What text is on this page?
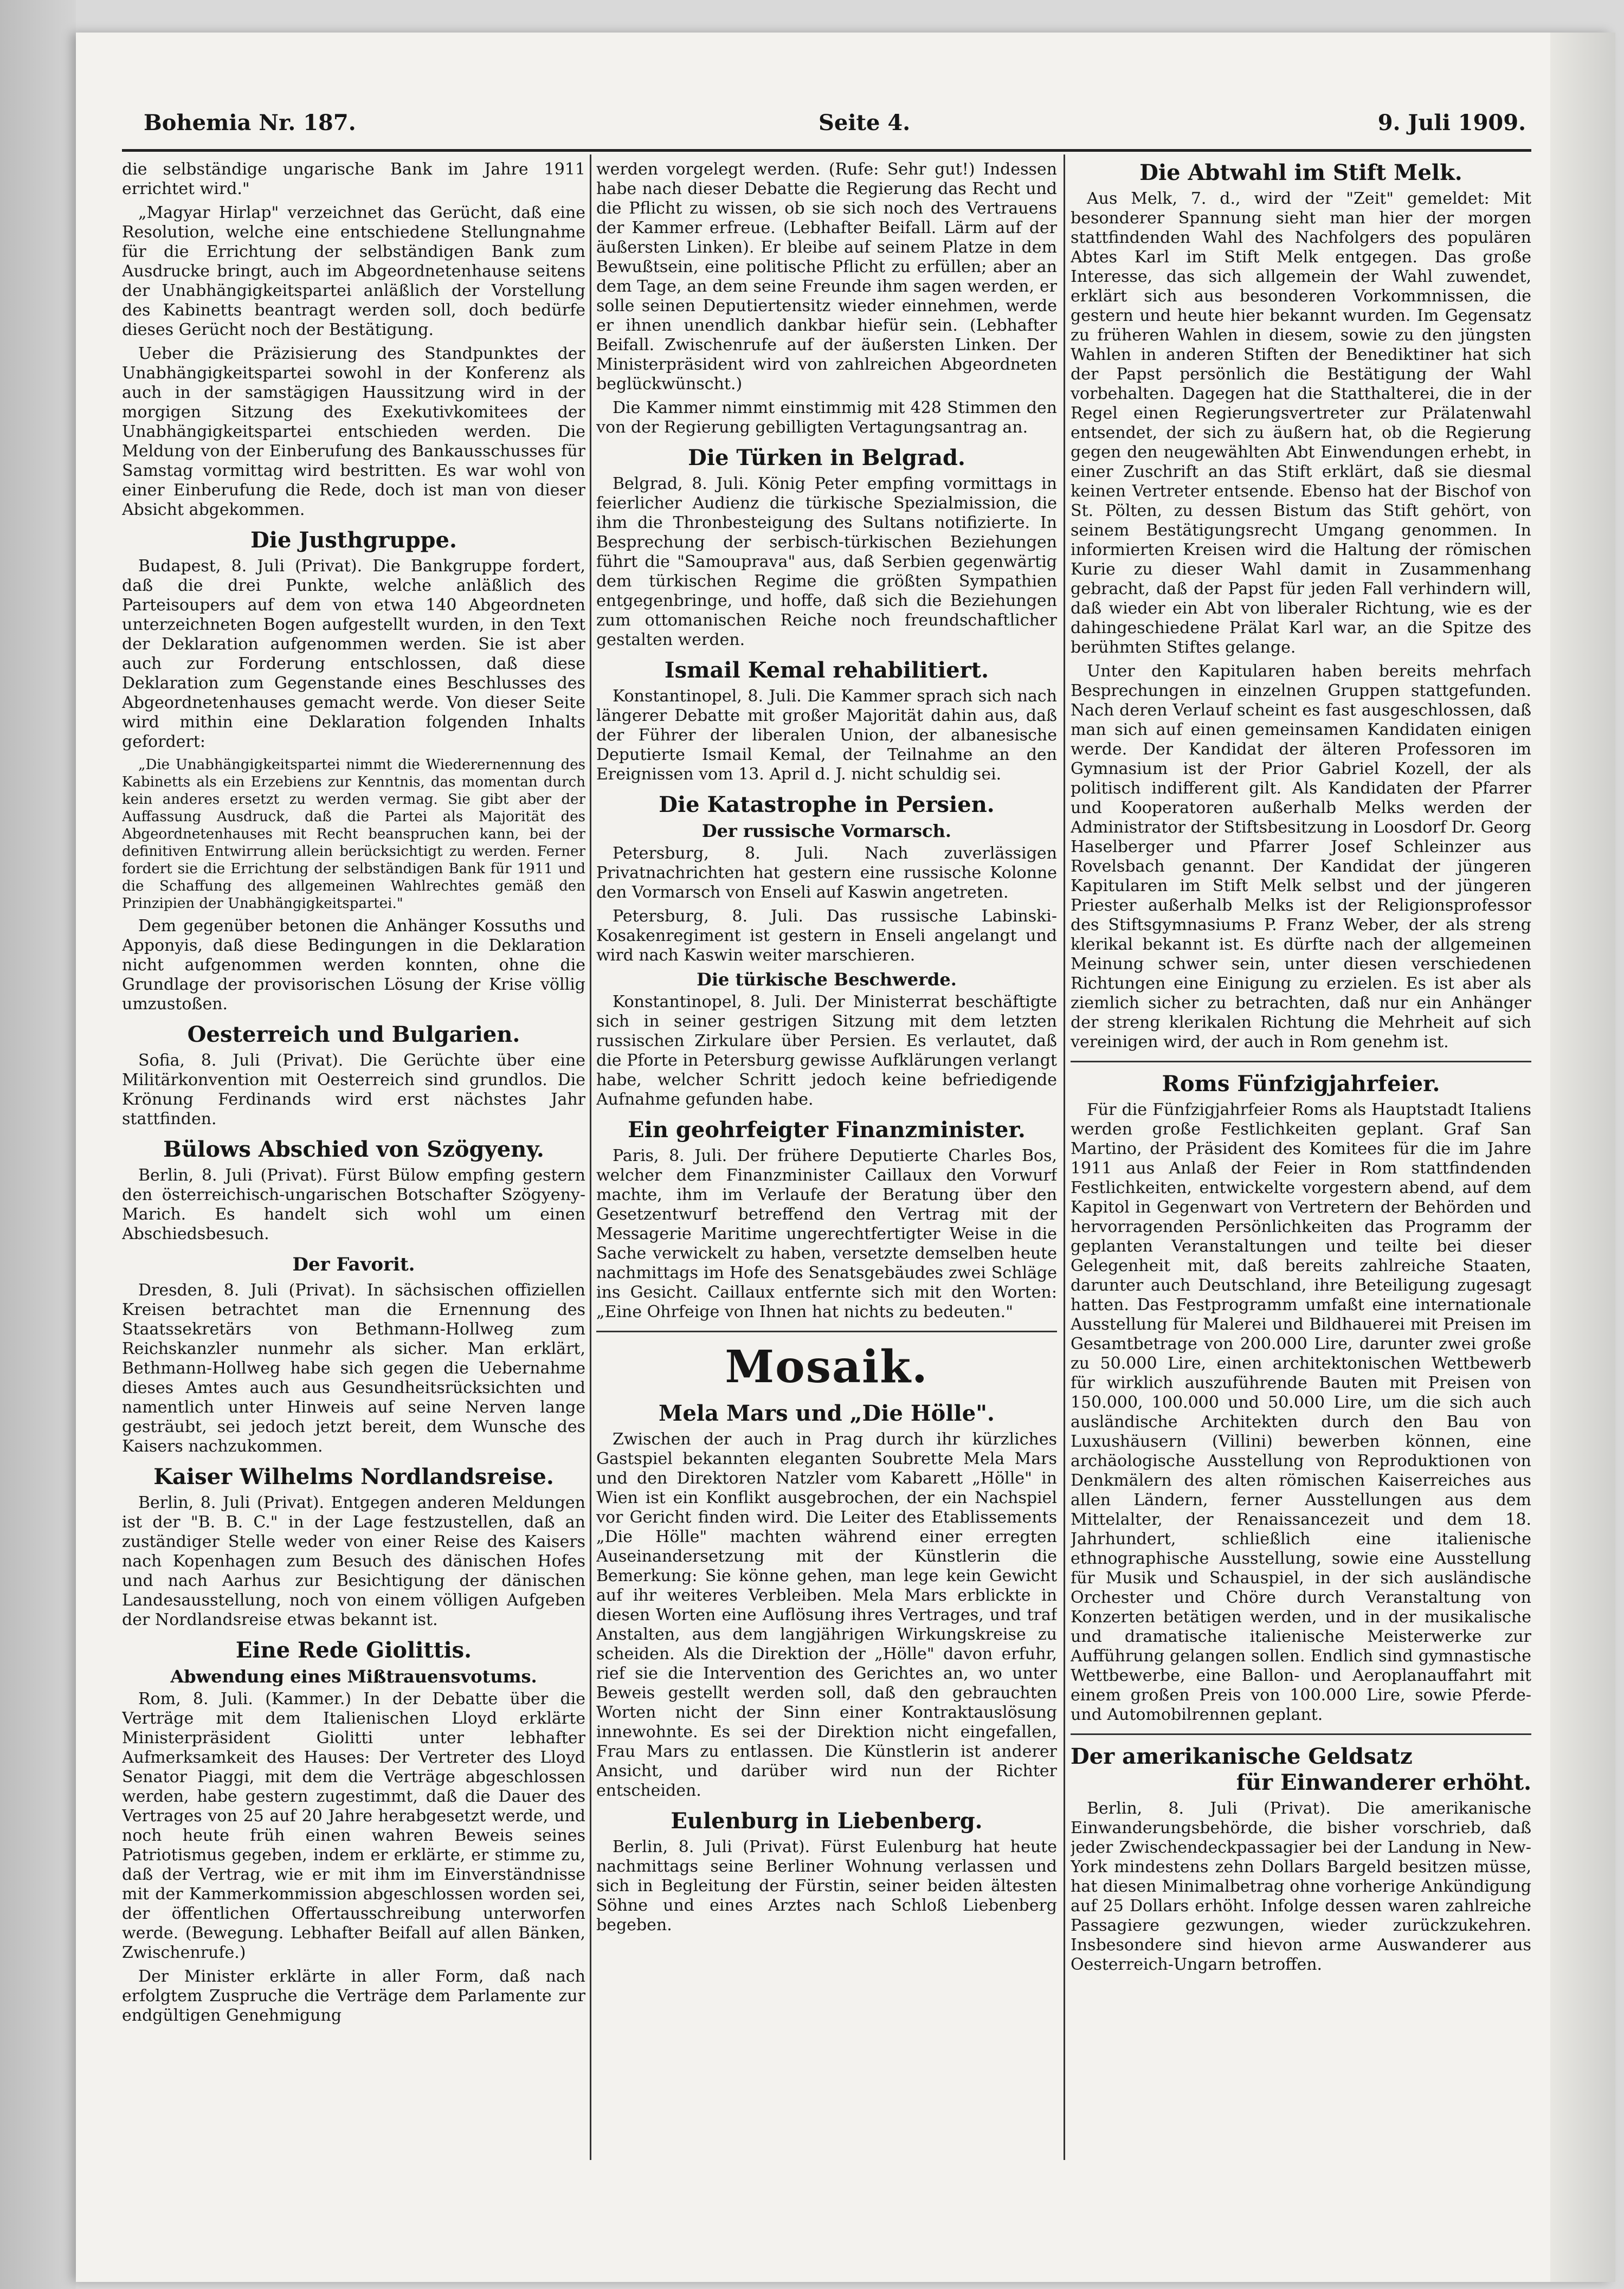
Bohemia Nr. 187.	Seite 4.	9. Juli 1909.

die selbständige ungarische Bank im Jahre 1911 errichtet wird."

„Magyar Hirlap" verzeichnet das Gerücht, daß eine Resolution, welche eine entschiedene Stellungnahme für die Errichtung der selbständigen Bank zum Ausdrucke bringt, auch im Abgeordnetenhause seitens der Unabhängigkeitspartei anläßlich der Vorstellung des Kabinetts beantragt werden soll, doch bedürfe dieses Gerücht noch der Bestätigung.

Ueber die Präzisierung des Standpunktes der Unabhängigkeitspartei sowohl in der Konferenz als auch in der samstägigen Haussitzung wird in der morgigen Sitzung des Exekutivkomitees der Unabhängigkeitspartei entschieden werden. Die Meldung von der Einberufung des Bankausschusses für Samstag vormittag wird bestritten. Es war wohl von einer Einberufung die Rede, doch ist man von dieser Absicht abgekommen.

Die Justhgruppe.

Budapest, 8. Juli (Privat). Die Bankgruppe fordert, daß die drei Punkte, welche anläßlich des Parteisoupers auf dem von etwa 140 Abgeordneten unterzeichneten Bogen aufgestellt wurden, in den Text der Deklaration aufgenommen werden. Sie ist aber auch zur Forderung entschlossen, daß diese Deklaration zum Gegenstande eines Beschlusses des Abgeordnetenhauses gemacht werde. Von dieser Seite wird mithin eine Deklaration folgenden Inhalts gefordert:

„Die Unabhängigkeitspartei nimmt die Wiederernennung des Kabinetts als ein Erzebiens zur Kenntnis, das momentan durch kein anderes ersetzt zu werden vermag. Sie gibt aber der Auffassung Ausdruck, daß die Partei als Majorität des Abgeordnetenhauses mit Recht beanspruchen kann, bei der definitiven Entwirrung allein berücksichtigt zu werden. Ferner fordert sie die Errichtung der selbständigen Bank für 1911 und die Schaffung des allgemeinen Wahlrechtes gemäß den Prinzipien der Unabhängigkeitspartei."

Dem gegenüber betonen die Anhänger Kossuths und Apponyis, daß diese Bedingungen in die Deklaration nicht aufgenommen werden konnten, ohne die Grundlage der provisorischen Lösung der Krise völlig umzustoßen.

Oesterreich und Bulgarien.

Sofia, 8. Juli (Privat). Die Gerüchte über eine Militärkonvention mit Oesterreich sind grundlos. Die Krönung Ferdinands wird erst nächstes Jahr stattfinden.

Bülows Abschied von Szögyeny.

Berlin, 8. Juli (Privat). Fürst Bülow empfing gestern den österreichisch-ungarischen Botschafter Szögyeny-Marich. Es handelt sich wohl um einen Abschiedsbesuch.

Der Favorit.

Dresden, 8. Juli (Privat). In sächsischen offiziellen Kreisen betrachtet man die Ernennung des Staatssekretärs von Bethmann-Hollweg zum Reichskanzler nunmehr als sicher. Man erklärt, Bethmann-Hollweg habe sich gegen die Uebernahme dieses Amtes auch aus Gesundheitsrücksichten und namentlich unter Hinweis auf seine Nerven lange gesträubt, sei jedoch jetzt bereit, dem Wunsche des Kaisers nachzukommen.

Kaiser Wilhelms Nordlandsreise.

Berlin, 8. Juli (Privat). Entgegen anderen Meldungen ist der "B. B. C." in der Lage festzustellen, daß an zuständiger Stelle weder von einer Reise des Kaisers nach Kopenhagen zum Besuch des dänischen Hofes und nach Aarhus zur Besichtigung der dänischen Landesausstellung, noch von einem völligen Aufgeben der Nordlandsreise etwas bekannt ist.

Eine Rede Giolittis.
Abwendung eines Mißtrauensvotums.

Rom, 8. Juli. (Kammer.) In der Debatte über die Verträge mit dem Italienischen Lloyd erklärte Ministerpräsident Giolitti unter lebhafter Aufmerksamkeit des Hauses: Der Vertreter des Lloyd Senator Piaggi, mit dem die Verträge abgeschlossen werden, habe gestern zugestimmt, daß die Dauer des Vertrages von 25 auf 20 Jahre herabgesetzt werde, und noch heute früh einen wahren Beweis seines Patriotismus gegeben, indem er erklärte, er stimme zu, daß der Vertrag, wie er mit ihm im Einverständnisse mit der Kammerkommission abgeschlossen worden sei, der öffentlichen Offertausschreibung unterworfen werde. (Bewegung. Lebhafter Beifall auf allen Bänken, Zwischenrufe.)

Der Minister erklärte in aller Form, daß nach erfolgtem Zuspruche die Verträge dem Parlamente zur endgültigen Genehmigung

werden vorgelegt werden. (Rufe: Sehr gut!) Indessen habe nach dieser Debatte die Regierung das Recht und die Pflicht zu wissen, ob sie sich noch des Vertrauens der Kammer erfreue. (Lebhafter Beifall. Lärm auf der äußersten Linken). Er bleibe auf seinem Platze in dem Bewußtsein, eine politische Pflicht zu erfüllen; aber an dem Tage, an dem seine Freunde ihm sagen werden, er solle seinen Deputiertensitz wieder einnehmen, werde er ihnen unendlich dankbar hiefür sein. (Lebhafter Beifall. Zwischenrufe auf der äußersten Linken. Der Ministerpräsident wird von zahlreichen Abgeordneten beglückwünscht.)

Die Kammer nimmt einstimmig mit 428 Stimmen den von der Regierung gebilligten Vertagungsantrag an.

Die Türken in Belgrad.

Belgrad, 8. Juli. König Peter empfing vormittags in feierlicher Audienz die türkische Spezialmission, die ihm die Thronbesteigung des Sultans notifizierte. In Besprechung der serbisch-türkischen Beziehungen führt die "Samouprava" aus, daß Serbien gegenwärtig dem türkischen Regime die größten Sympathien entgegenbringe, und hoffe, daß sich die Beziehungen zum ottomanischen Reiche noch freundschaftlicher gestalten werden.

Ismail Kemal rehabilitiert.

Konstantinopel, 8. Juli. Die Kammer sprach sich nach längerer Debatte mit großer Majorität dahin aus, daß der Führer der liberalen Union, der albanesische Deputierte Ismail Kemal, der Teilnahme an den Ereignissen vom 13. April d. J. nicht schuldig sei.

Die Katastrophe in Persien.
Der russische Vormarsch.

Petersburg, 8. Juli. Nach zuverlässigen Privatnachrichten hat gestern eine russische Kolonne den Vormarsch von Enseli auf Kaswin angetreten.

Petersburg, 8. Juli. Das russische Labinski-Kosakenregiment ist gestern in Enseli angelangt und wird nach Kaswin weiter marschieren.

Die türkische Beschwerde.

Konstantinopel, 8. Juli. Der Ministerrat beschäftigte sich in seiner gestrigen Sitzung mit dem letzten russischen Zirkulare über Persien. Es verlautet, daß die Pforte in Petersburg gewisse Aufklärungen verlangt habe, welcher Schritt jedoch keine befriedigende Aufnahme gefunden habe.

Ein geohrfeigter Finanzminister.

Paris, 8. Juli. Der frühere Deputierte Charles Bos, welcher dem Finanzminister Caillaux den Vorwurf machte, ihm im Verlaufe der Beratung über den Gesetzentwurf betreffend den Vertrag mit der Messagerie Maritime ungerechtfertigter Weise in die Sache verwickelt zu haben, versetzte demselben heute nachmittags im Hofe des Senatsgebäudes zwei Schläge ins Gesicht. Caillaux entfernte sich mit den Worten: „Eine Ohrfeige von Ihnen hat nichts zu bedeuten."

Mosaik.
Mela Mars und „Die Hölle".

Zwischen der auch in Prag durch ihr kürzliches Gastspiel bekannten eleganten Soubrette Mela Mars und den Direktoren Natzler vom Kabarett „Hölle" in Wien ist ein Konflikt ausgebrochen, der ein Nachspiel vor Gericht finden wird. Die Leiter des Etablissements „Die Hölle" machten während einer erregten Auseinandersetzung mit der Künstlerin die Bemerkung: Sie könne gehen, man lege kein Gewicht auf ihr weiteres Verbleiben. Mela Mars erblickte in diesen Worten eine Auflösung ihres Vertrages, und traf Anstalten, aus dem langjährigen Wirkungskreise zu scheiden. Als die Direktion der „Hölle" davon erfuhr, rief sie die Intervention des Gerichtes an, wo unter Beweis gestellt werden soll, daß den gebrauchten Worten nicht der Sinn einer Kontraktauslösung innewohnte. Es sei der Direktion nicht eingefallen, Frau Mars zu entlassen. Die Künstlerin ist anderer Ansicht, und darüber wird nun der Richter entscheiden.

Eulenburg in Liebenberg.

Berlin, 8. Juli (Privat). Fürst Eulenburg hat heute nachmittags seine Berliner Wohnung verlassen und sich in Begleitung der Fürstin, seiner beiden ältesten Söhne und eines Arztes nach Schloß Liebenberg begeben.

Die Abtwahl im Stift Melk.

Aus Melk, 7. d., wird der "Zeit" gemeldet: Mit besonderer Spannung sieht man hier der morgen stattfindenden Wahl des Nachfolgers des populären Abtes Karl im Stift Melk entgegen. Das große Interesse, das sich allgemein der Wahl zuwendet, erklärt sich aus besonderen Vorkommnissen, die gestern und heute hier bekannt wurden. Im Gegensatz zu früheren Wahlen in diesem, sowie zu den jüngsten Wahlen in anderen Stiften der Benediktiner hat sich der Papst persönlich die Bestätigung der Wahl vorbehalten. Dagegen hat die Statthalterei, die in der Regel einen Regierungsvertreter zur Prälatenwahl entsendet, der sich zu äußern hat, ob die Regierung gegen den neugewählten Abt Einwendungen erhebt, in einer Zuschrift an das Stift erklärt, daß sie diesmal keinen Vertreter entsende. Ebenso hat der Bischof von St. Pölten, zu dessen Bistum das Stift gehört, von seinem Bestätigungsrecht Umgang genommen. In informierten Kreisen wird die Haltung der römischen Kurie zu dieser Wahl damit in Zusammenhang gebracht, daß der Papst für jeden Fall verhindern will, daß wieder ein Abt von liberaler Richtung, wie es der dahingeschiedene Prälat Karl war, an die Spitze des berühmten Stiftes gelange.

Unter den Kapitularen haben bereits mehrfach Besprechungen in einzelnen Gruppen stattgefunden. Nach deren Verlauf scheint es fast ausgeschlossen, daß man sich auf einen gemeinsamen Kandidaten einigen werde. Der Kandidat der älteren Professoren im Gymnasium ist der Prior Gabriel Kozell, der als politisch indifferent gilt. Als Kandidaten der Pfarrer und Kooperatoren außerhalb Melks werden der Administrator der Stiftsbesitzung in Loosdorf Dr. Georg Haselberger und Pfarrer Josef Schleinzer aus Rovelsbach genannt. Der Kandidat der jüngeren Kapitularen im Stift Melk selbst und der jüngeren Priester außerhalb Melks ist der Religionsprofessor des Stiftsgymnasiums P. Franz Weber, der als streng klerikal bekannt ist. Es dürfte nach der allgemeinen Meinung schwer sein, unter diesen verschiedenen Richtungen eine Einigung zu erzielen. Es ist aber als ziemlich sicher zu betrachten, daß nur ein Anhänger der streng klerikalen Richtung die Mehrheit auf sich vereinigen wird, der auch in Rom genehm ist.

Roms Fünfzigjahrfeier.

Für die Fünfzigjahrfeier Roms als Hauptstadt Italiens werden große Festlichkeiten geplant. Graf San Martino, der Präsident des Komitees für die im Jahre 1911 aus Anlaß der Feier in Rom stattfindenden Festlichkeiten, entwickelte vorgestern abend, auf dem Kapitol in Gegenwart von Vertretern der Behörden und hervorragenden Persönlichkeiten das Programm der geplanten Veranstaltungen und teilte bei dieser Gelegenheit mit, daß bereits zahlreiche Staaten, darunter auch Deutschland, ihre Beteiligung zugesagt hatten. Das Festprogramm umfaßt eine internationale Ausstellung für Malerei und Bildhauerei mit Preisen im Gesamtbetrage von 200.000 Lire, darunter zwei große zu 50.000 Lire, einen architektonischen Wettbewerb für wirklich auszuführende Bauten mit Preisen von 150.000, 100.000 und 50.000 Lire, um die sich auch ausländische Architekten durch den Bau von Luxushäusern (Villini) bewerben können, eine archäologische Ausstellung von Reproduktionen von Denkmälern des alten römischen Kaiserreiches aus allen Ländern, ferner Ausstellungen aus dem Mittelalter, der Renaissancezeit und dem 18. Jahrhundert, schließlich eine italienische ethnographische Ausstellung, sowie eine Ausstellung für Musik und Schauspiel, in der sich ausländische Orchester und Chöre durch Veranstaltung von Konzerten betätigen werden, und in der musikalische und dramatische italienische Meisterwerke zur Aufführung gelangen sollen. Endlich sind gymnastische Wettbewerbe, eine Ballon- und Aeroplanauffahrt mit einem großen Preis von 100.000 Lire, sowie Pferde- und Automobilrennen geplant.

Der amerikanische Geldsatz
für Einwanderer erhöht.

Berlin, 8. Juli (Privat). Die amerikanische Einwanderungsbehörde, die bisher vorschrieb, daß jeder Zwischendeckpassagier bei der Landung in New-York mindestens zehn Dollars Bargeld besitzen müsse, hat diesen Minimalbetrag ohne vorherige Ankündigung auf 25 Dollars erhöht. Infolge dessen waren zahlreiche Passagiere gezwungen, wieder zurückzukehren. Insbesondere sind hievon arme Auswanderer aus Oesterreich-Ungarn betroffen.
